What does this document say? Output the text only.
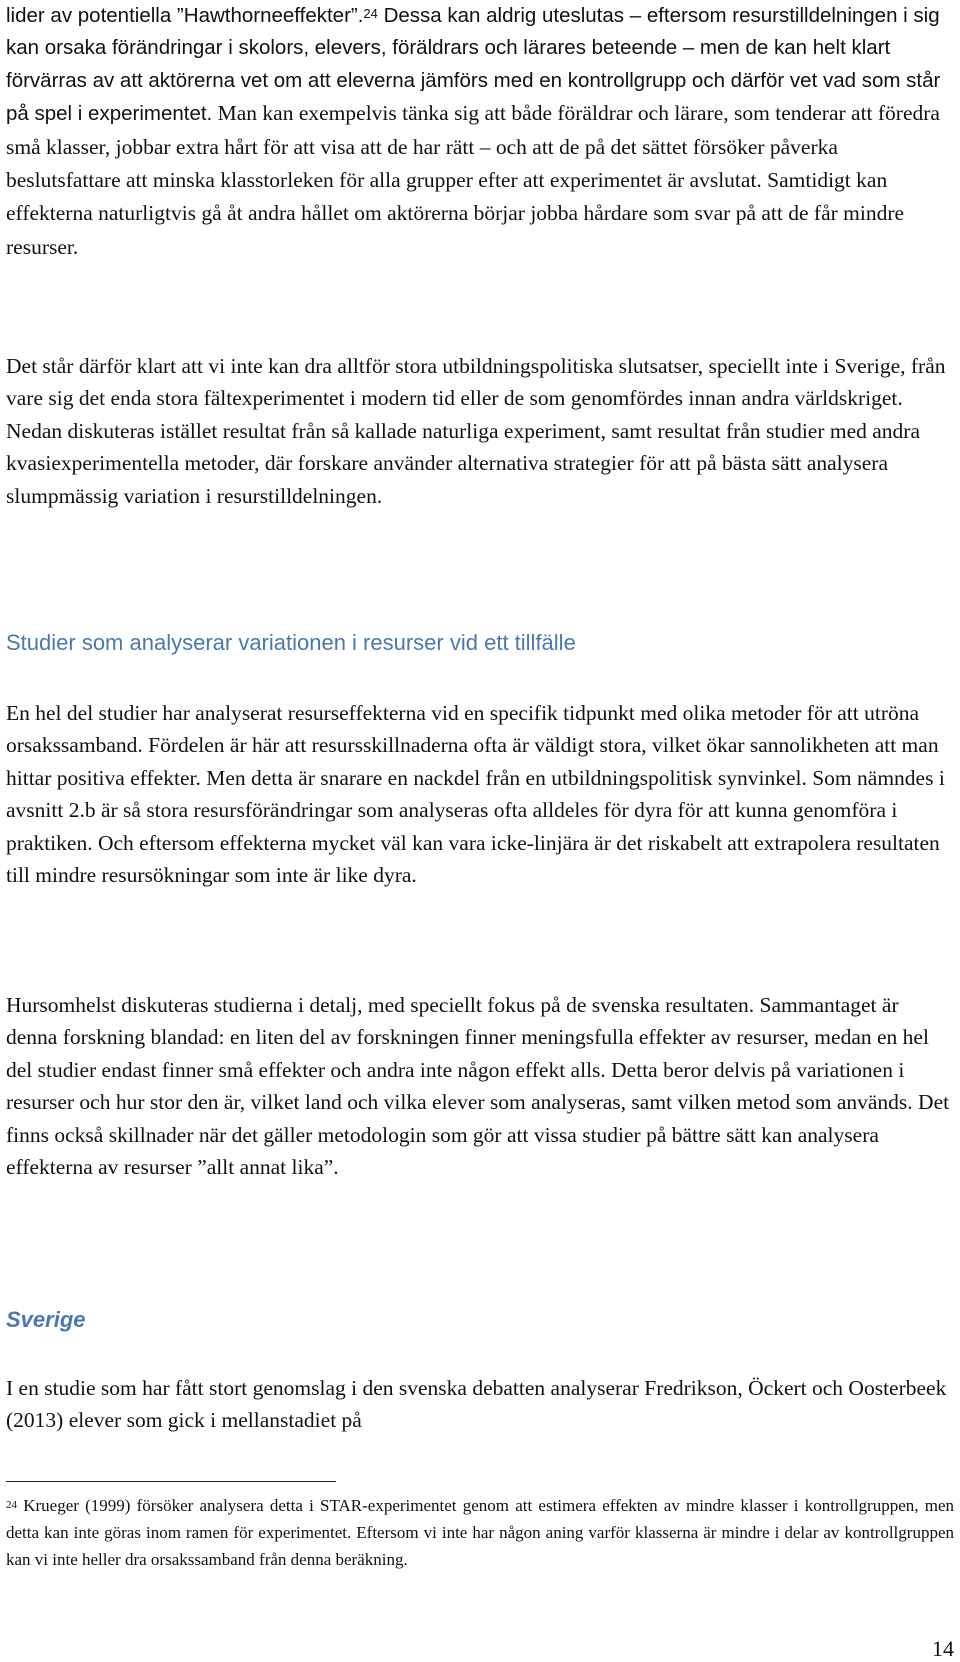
lider av potentiella ”Hawthorneeffekter”.$^{24}$ Dessa kan aldrig uteslutas – eftersom resurstilldelningen i sig kan orsaka förändringar i skolors, elevers, föräldrars och lärares beteende – men de kan helt klart förvärras av att aktörerna vet om att eleverna jämförs med en kontrollgrupp och därför vet vad som står på spel i experimentet. Man kan exempelvis tänka sig att både föräldrar och lärare, som tenderar att föredra små klasser, jobbar extra hårt för att visa att de har rätt – och att de på det sättet försöker påverka beslutsfattare att minska klasstorleken för alla grupper efter att experimentet är avslutat. Samtidigt kan effekterna naturligtvis gå åt andra hållet om aktörerna börjar jobba hårdare som svar på att de får mindre resurser.

Det står därför klart att vi inte kan dra alltför stora utbildningspolitiska slutsatser, speciellt inte i Sverige, från vare sig det enda stora fältexperimentet i modern tid eller de som genomfördes innan andra världskriget. Nedan diskuteras istället resultat från så kallade naturliga experiment, samt resultat från studier med andra kvasiexperimentella metoder, där forskare använder alternativa strategier för att på bästa sätt analysera slumpmässig variation i resurstilldelningen.

Studier som analyserar variationen i resurser vid ett tillfälle

En hel del studier har analyserat resurseffekterna vid en specifik tidpunkt med olika metoder för att utröna orsakssamband. Fördelen är här att resursskillnaderna ofta är väldigt stora, vilket ökar sannolikheten att man hittar positiva effekter. Men detta är snarare en nackdel från en utbildningspolitisk synvinkel. Som nämndes i avsnitt 2.b är så stora resursförändringar som analyseras ofta alldeles för dyra för att kunna genomföra i praktiken. Och eftersom effekterna mycket väl kan vara icke-linjära är det riskabelt att extrapolera resultaten till mindre resursökningar som inte är like dyra.

Hursomhelst diskuteras studierna i detalj, med speciellt fokus på de svenska resultaten. Sammantaget är denna forskning blandad: en liten del av forskningen finner meningsfulla effekter av resurser, medan en hel del studier endast finner små effekter och andra inte någon effekt alls. Detta beror delvis på variationen i resurser och hur stor den är, vilket land och vilka elever som analyseras, samt vilken metod som används. Det finns också skillnader när det gäller metodologin som gör att vissa studier på bättre sätt kan analysera effekterna av resurser ”allt annat lika”.

Sverige

I en studie som har fått stort genomslag i den svenska debatten analyserar Fredrikson, Öckert och Oosterbeek (2013) elever som gick i mellanstadiet på

$^{24}$ Krueger (1999) försöker analysera detta i STAR-experimentet genom att estimera effekten av mindre klasser i kontrollgruppen, men detta kan inte göras inom ramen för experimentet. Eftersom vi inte har någon aning varför klasserna är mindre i delar av kontrollgruppen kan vi inte heller dra orsakssamband från denna beräkning.

14
